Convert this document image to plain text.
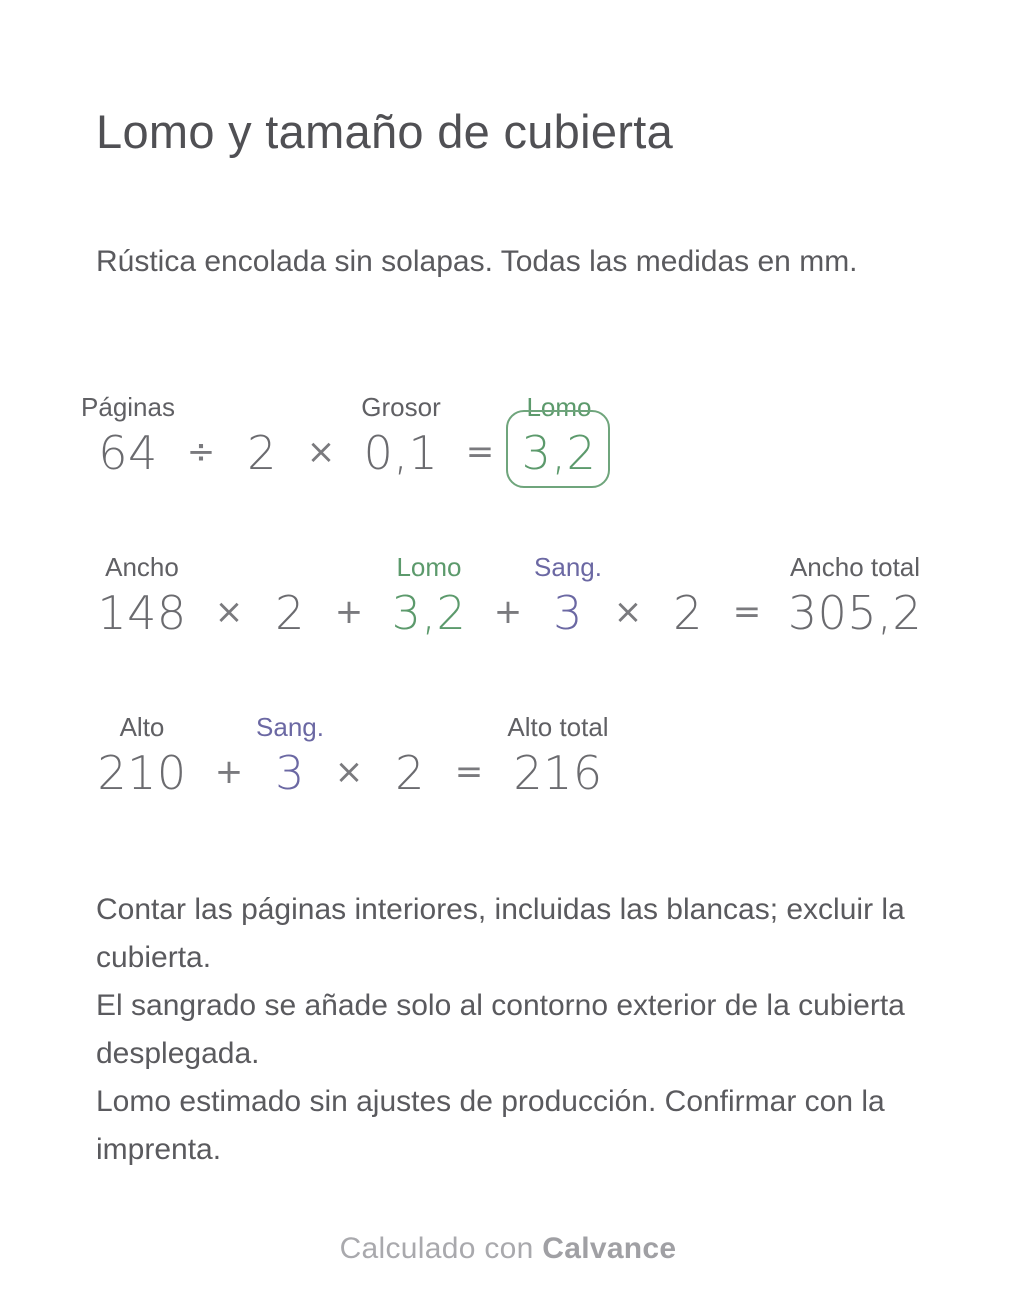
Lomo y tamaño de cubierta
Rústica encolada sin solapas. Todas las medidas en mm.
Páginas	Grosor	Lomo
64 ÷ 2 × 0,1 = 3,2
Ancho	Lomo	Sang.	Ancho total
148 × 2 + 3,2 + 3 × 2 = 305,2
Alto	Sang.	Alto total
210 + 3 × 2 = 216

Contar las páginas interiores, incluidas las blancas; excluir la cubierta.

El sangrado se añade solo al contorno exterior de la cubierta desplegada.

Lomo estimado sin ajustes de producción. Confirmar con la imprenta.

Calculado con Calvance
